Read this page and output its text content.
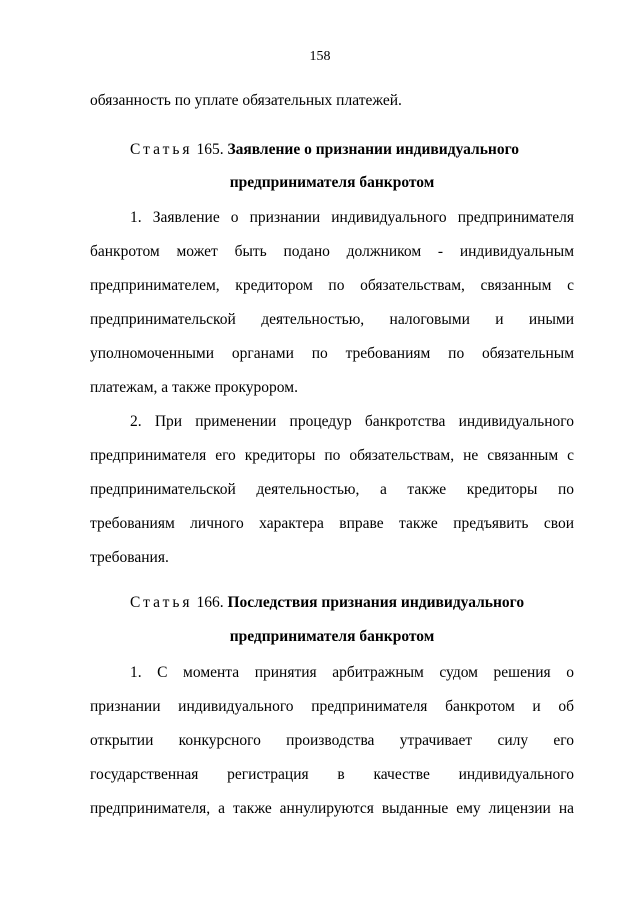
158
обязанность по уплате обязательных платежей.
Статья 165. Заявление о признании индивидуального
предпринимателя банкротом
1. Заявление о признании индивидуального предпринимателя
банкротом может быть подано должником - индивидуальным
предпринимателем, кредитором по обязательствам, связанным с
предпринимательской деятельностью, налоговыми и иными
уполномоченными органами по требованиям по обязательным
платежам, а также прокурором.
2. При применении процедур банкротства индивидуального
предпринимателя его кредиторы по обязательствам, не связанным с
предпринимательской деятельностью, а также кредиторы по
требованиям личного характера вправе также предъявить свои
требования.
Статья 166. Последствия признания индивидуального
предпринимателя банкротом
1. С момента принятия арбитражным судом решения о
признании индивидуального предпринимателя банкротом и об
открытии конкурсного производства утрачивает силу его
государственная регистрация в качестве индивидуального
предпринимателя, а также аннулируются выданные ему лицензии на
